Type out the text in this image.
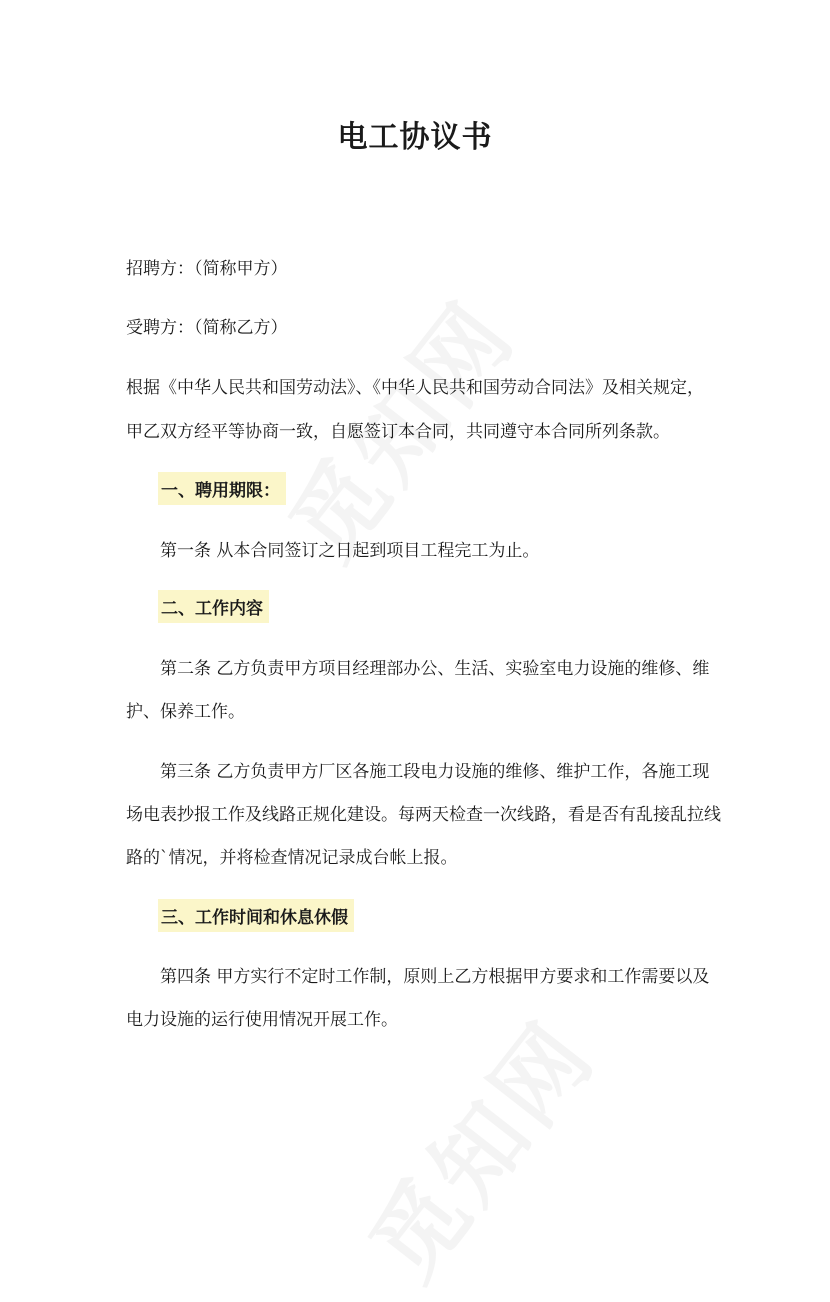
电工协议书
招聘方：（简称甲方）
受聘方：（简称乙方）
根据《中华人民共和国劳动法》、《中华人民共和国劳动合同法》及相关规定，
甲乙双方经平等协商一致，自愿签订本合同，共同遵守本合同所列条款。
一、聘用期限：
第一条 从本合同签订之日起到项目工程完工为止。
二、工作内容
第二条 乙方负责甲方项目经理部办公、生活、实验室电力设施的维修、维
护、保养工作。
第三条 乙方负责甲方厂区各施工段电力设施的维修、维护工作，各施工现
场电表抄报工作及线路正规化建设。每两天检查一次线路，看是否有乱接乱拉线
路的`情况，并将检查情况记录成台帐上报。
三、工作时间和休息休假
第四条 甲方实行不定时工作制，原则上乙方根据甲方要求和工作需要以及
电力设施的运行使用情况开展工作。
